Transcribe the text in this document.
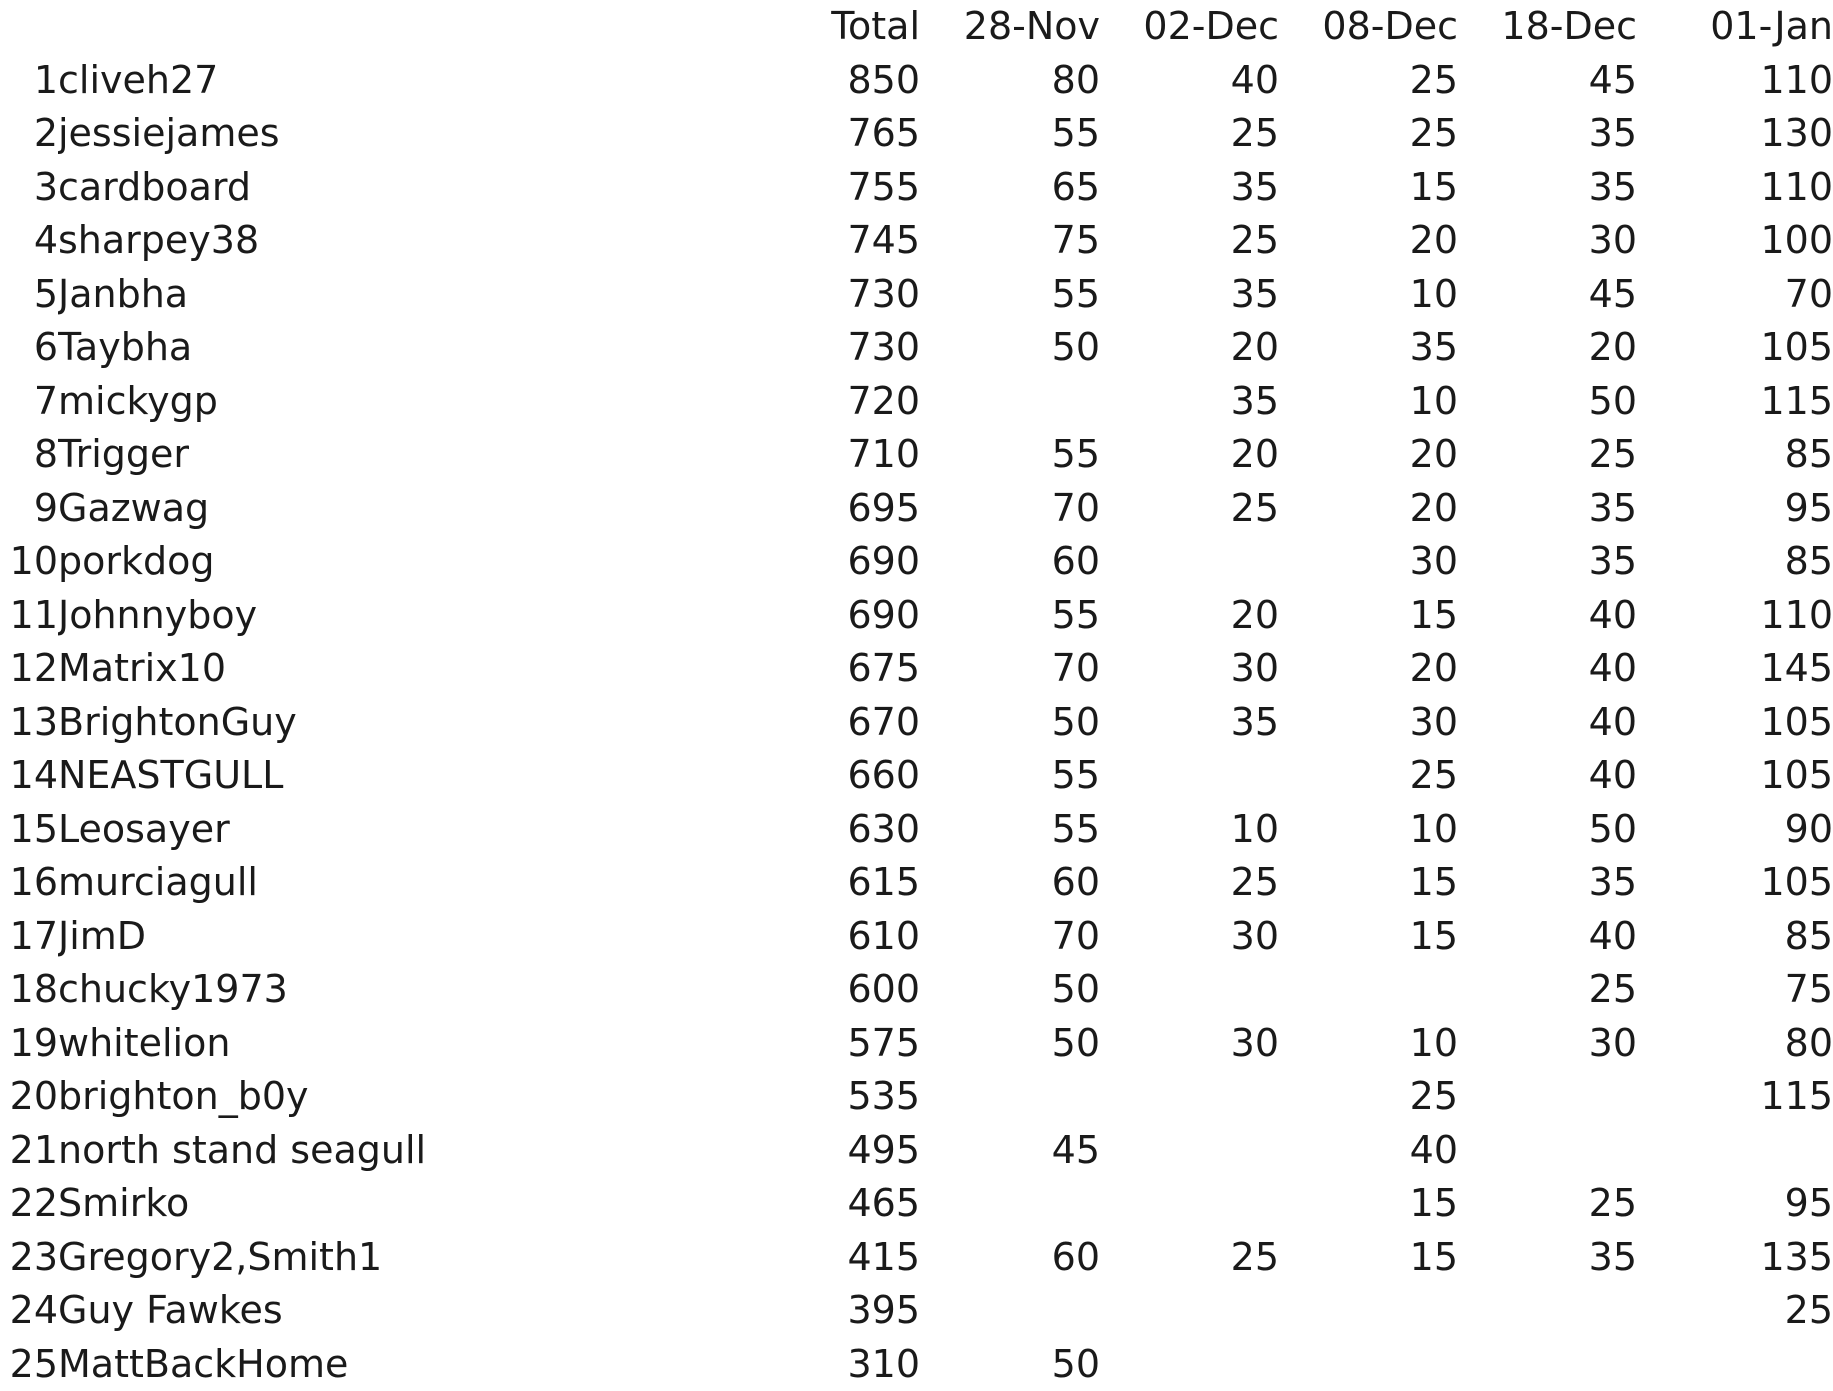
		Total	28-Nov	02-Dec	08-Dec	18-Dec	01-Jan
1	cliveh27	850	80	40	25	45	110
2	jessiejames	765	55	25	25	35	130
3	cardboard	755	65	35	15	35	110
4	sharpey38	745	75	25	20	30	100
5	Janbha	730	55	35	10	45	70
6	Taybha	730	50	20	35	20	105
7	mickygp	720		35	10	50	115
8	Trigger	710	55	20	20	25	85
9	Gazwag	695	70	25	20	35	95
10	porkdog	690	60		30	35	85
11	Johnnyboy	690	55	20	15	40	110
12	Matrix10	675	70	30	20	40	145
13	BrightonGuy	670	50	35	30	40	105
14	NEASTGULL	660	55		25	40	105
15	Leosayer	630	55	10	10	50	90
16	murciagull	615	60	25	15	35	105
17	JimD	610	70	30	15	40	85
18	chucky1973	600	50			25	75
19	whitelion	575	50	30	10	30	80
20	brighton_b0y	535			25		115
21	north stand seagull	495	45		40		
22	Smirko	465			15	25	95
23	Gregory2,Smith1	415	60	25	15	35	135
24	Guy Fawkes	395					25
25	MattBackHome	310	50				
